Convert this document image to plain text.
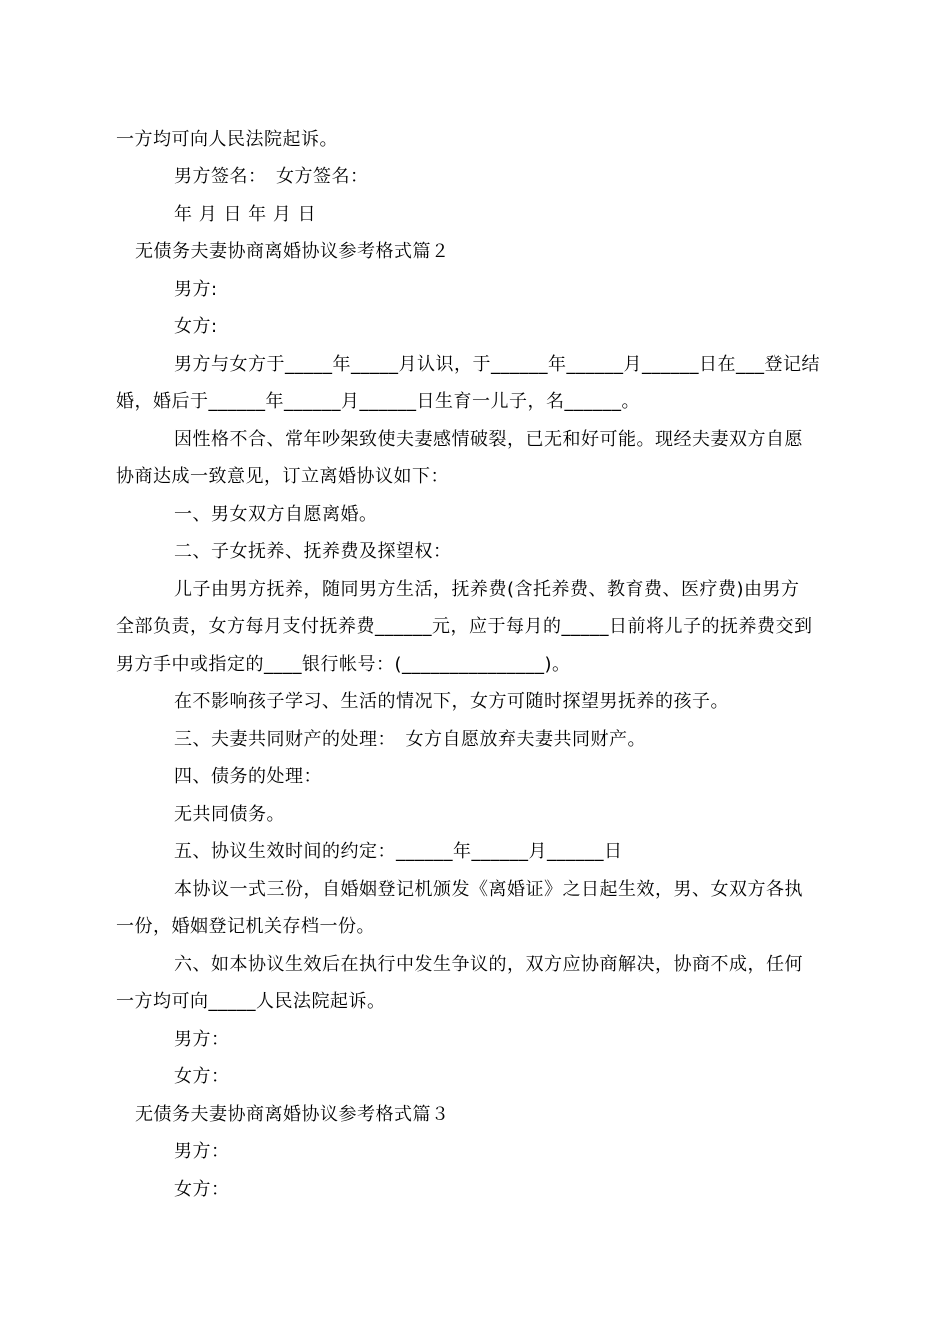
一方均可向人民法院起诉。
男方签名：　女方签名：
年 月 日 年 月 日
无债务夫妻协商离婚协议参考格式篇２
男方:
女方:
男方与女方于_____年_____月认识，于______年______月______日在___登记结
婚，婚后于______年______月______日生育一儿子，名______。
因性格不合、常年吵架致使夫妻感情破裂，已无和好可能。现经夫妻双方自愿
协商达成一致意见，订立离婚协议如下：
一、男女双方自愿离婚。
二、子女抚养、抚养费及探望权：
儿子由男方抚养，随同男方生活，抚养费(含托养费、教育费、医疗费)由男方
全部负责，女方每月支付抚养费______元，应于每月的_____日前将儿子的抚养费交到
男方手中或指定的____银行帐号：(_______________)。
在不影响孩子学习、生活的情况下，女方可随时探望男抚养的孩子。
三、夫妻共同财产的处理：　女方自愿放弃夫妻共同财产。
四、债务的处理：
无共同债务。
五、协议生效时间的约定：______年______月______日
本协议一式三份，自婚姻登记机颁发《离婚证》之日起生效，男、女双方各执
一份，婚姻登记机关存档一份。
六、如本协议生效后在执行中发生争议的，双方应协商解决，协商不成，任何
一方均可向_____人民法院起诉。
男方：
女方：
无债务夫妻协商离婚协议参考格式篇３
男方：
女方：
